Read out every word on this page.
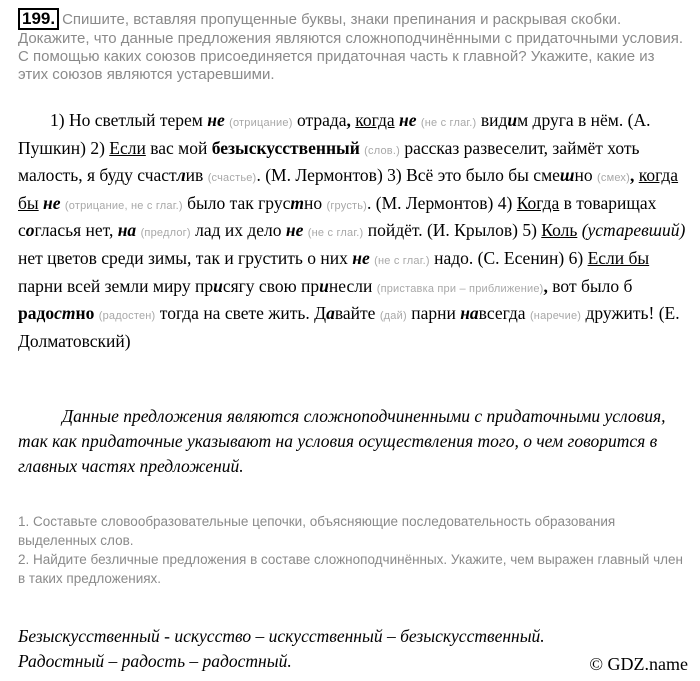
199. Спишите, вставляя пропущенные буквы, знаки препинания и раскрывая скобки. Докажите, что данные предложения являются сложноподчинёнными с придаточными условия. С помощью каких союзов присоединяется придаточная часть к главной? Укажите, какие из этих союзов являются устаревшими.

1) Но светлый терем не (отрицание) отрада, когда не (не с глаг.) видим друга в нём. (А. Пушкин) 2) Если вас мой безыскусственный (слов.) рассказ развеселит, займёт хоть малость, я буду счастлив (счастье). (М. Лермонтов) 3) Всё это было бы смешно (смех), когда бы не (отрицание, не с глаг.) было так грустно (грусть). (М. Лермонтов) 4) Когда в товарищах согласья нет, на (предлог) лад их дело не (не с глаг.) пойдёт. (И. Крылов) 5) Коль (устаревший) нет цветов среди зимы, так и грустить о них не (не с глаг.) надо. (С. Есенин) 6) Если бы парни всей земли миру присягу свою принесли (приставка при – приближение), вот было б радостно (радостен) тогда на свете жить. Давайте (дай) парни навсегда (наречие) дружить! (Е. Долматовский)

Данные предложения являются сложноподчиненными с придаточными условия, так как придаточные указывают на условия осуществления того, о чем говорится в главных частях предложений.

1. Составьте словообразовательные цепочки, объясняющие последовательность образования выделенных слов.

2. Найдите безличные предложения в составе сложноподчинённых. Укажите, чем выражен главный член в таких предложениях.

Безыскусственный - искусство – искусственный – безыскусственный.

Радостный – радость – радостный.	© GDZ.name
